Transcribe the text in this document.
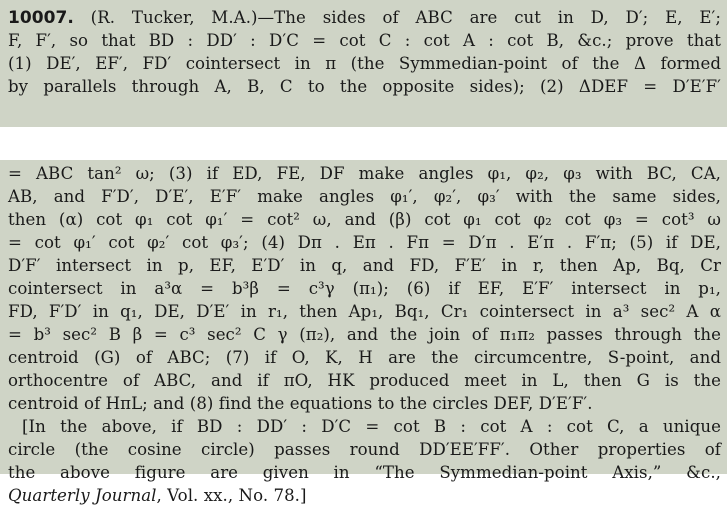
10007. (R. Tucker, M.A.)—The sides of ABC are cut in D, D′; E, E′;
F, F′, so that BD : DD′ : D′C = cot C : cot A : cot B, &c.; prove that
(1) DE′, EF′, FD′ cointersect in π (the Symmedian-point of the Δ formed
by parallels through A, B, C to the opposite sides); (2) ΔDEF = D′E′F′
= ABC tan² ω; (3) if ED, FE, DF make angles φ₁, φ₂, φ₃ with BC, CA,
AB, and F′D′, D′E′, E′F′ make angles φ₁′, φ₂′, φ₃′ with the same sides,
then (α) cot φ₁ cot φ₁′ = cot² ω, and (β) cot φ₁ cot φ₂ cot φ₃ = cot³ ω
= cot φ₁′ cot φ₂′ cot φ₃′; (4) Dπ . Eπ . Fπ = D′π . E′π . F′π; (5) if DE,
D′F′ intersect in p, EF, E′D′ in q, and FD, F′E′ in r, then Ap, Bq, Cr
cointersect in a³α = b³β = c³γ (π₁); (6) if EF, E′F′ intersect in p₁,
FD, F′D′ in q₁, DE, D′E′ in r₁, then Ap₁, Bq₁, Cr₁ cointersect in a³ sec² A α
= b³ sec² B β = c³ sec² C γ (π₂), and the join of π₁π₂ passes through the
centroid (G) of ABC; (7) if O, K, H are the circumcentre, S-point, and
orthocentre of ABC, and if πO, HK produced meet in L, then G is the
centroid of HπL; and (8) find the equations to the circles DEF, D′E′F′.
[In the above, if BD : DD′ : D′C = cot B : cot A : cot C, a unique
circle (the cosine circle) passes round DD′EE′FF′. Other properties of
the above figure are given in “The Symmedian-point Axis,” &c.,
Quarterly Journal, Vol. xx., No. 78.]
